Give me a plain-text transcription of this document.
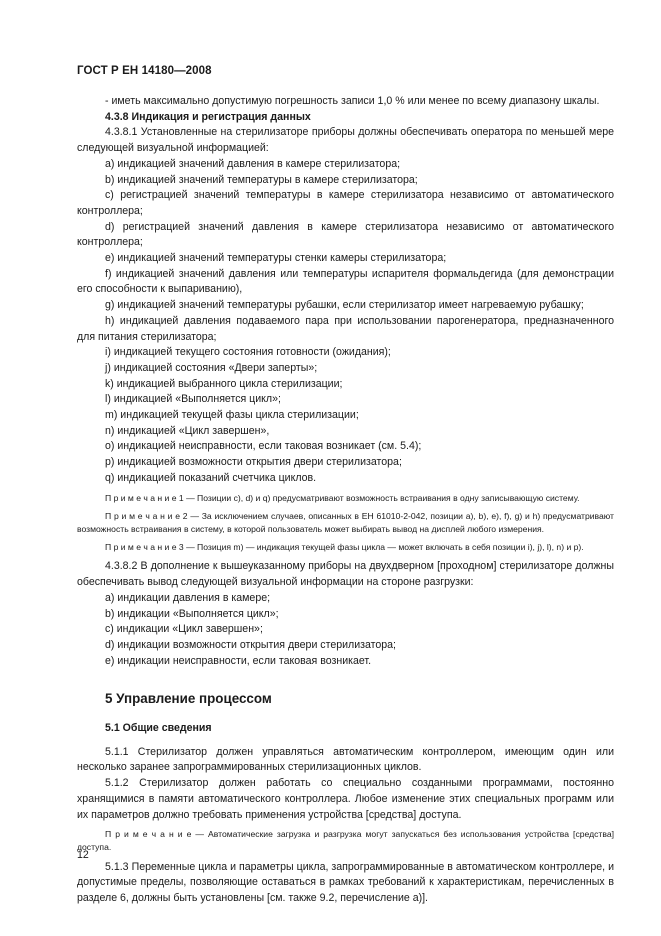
ГОСТ Р ЕН 14180—2008

- иметь максимально допустимую погрешность записи 1,0 % или менее по всему диапазону шкалы.

4.3.8 Индикация и регистрация данных

4.3.8.1 Установленные на стерилизаторе приборы должны обеспечивать оператора по меньшей мере следующей визуальной информацией:

а) индикацией значений давления в камере стерилизатора;

b) индикацией значений температуры в камере стерилизатора;

c) регистрацией значений температуры в камере стерилизатора независимо от автоматического контроллера;

d) регистрацией значений давления в камере стерилизатора независимо от автоматического контроллера;

e) индикацией значений температуры стенки камеры стерилизатора;

f) индикацией значений давления или температуры испарителя формальдегида (для демонстрации его способности к выпариванию),

g) индикацией значений температуры рубашки, если стерилизатор имеет нагреваемую рубашку;

h) индикацией давления подаваемого пара при использовании парогенератора, предназначенного для питания стерилизатора;

i) индикацией текущего состояния готовности (ожидания);

j) индикацией состояния «Двери заперты»;

k) индикацией выбранного цикла стерилизации;

l) индикацией «Выполняется цикл»;

m) индикацией текущей фазы цикла стерилизации;

n) индикацией «Цикл завершен»,

o) индикацией неисправности, если таковая возникает (см. 5.4);

p) индикацией возможности открытия двери стерилизатора;

q) индикацией показаний счетчика циклов.

П р и м е ч а н и е 1 — Позиции c), d) и q) предусматривают возможность встраивания в одну записывающую систему.

П р и м е ч а н и е 2 — За исключением случаев, описанных в ЕН 61010-2-042, позиции a), b), e), f), g) и h) предусматривают возможность встраивания в систему, в которой пользователь может выбирать вывод на дисплей любого измерения.

П р и м е ч а н и е 3 — Позиция m) — индикация текущей фазы цикла — может включать в себя позиции i), j), l), n) и p).

4.3.8.2 В дополнение к вышеуказанному приборы на двухдверном [проходном] стерилизаторе должны обеспечивать вывод следующей визуальной информации на стороне разгрузки:

a) индикации давления в камере;

b) индикации «Выполняется цикл»;

c) индикации «Цикл завершен»;

d) индикации возможности открытия двери стерилизатора;

e) индикации неисправности, если таковая возникает.

5 Управление процессом

5.1 Общие сведения

5.1.1 Стерилизатор должен управляться автоматическим контроллером, имеющим один или несколько заранее запрограммированных стерилизационных циклов.

5.1.2 Стерилизатор должен работать со специально созданными программами, постоянно хранящимися в памяти автоматического контроллера. Любое изменение этих специальных программ или их параметров должно требовать применения устройства [средства] доступа.

П р и м е ч а н и е — Автоматические загрузка и разгрузка могут запускаться без использования устройства [средства] доступа.

5.1.3 Переменные цикла и параметры цикла, запрограммированные в автоматическом контроллере, и допустимые пределы, позволяющие оставаться в рамках требований к характеристикам, перечисленных в разделе 6, должны быть установлены [см. также 9.2, перечисление a)].

12
